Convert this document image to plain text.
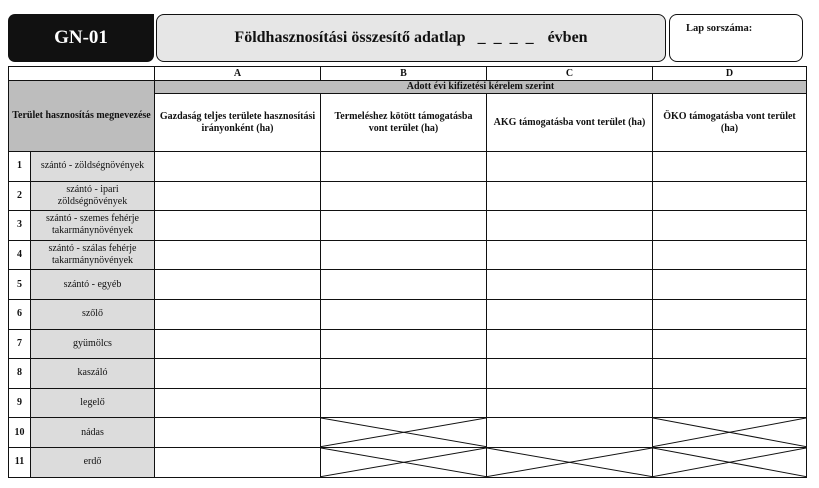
GN-01	Földhasznosítási összesítő adatlap _ _ _ _ évben
Lap sorszáma:
		A	B	C	D
Terület hasznosítás megnevezése		Adott évi kifizetési kérelem szerint			
		Gazdaság teljes területe hasznosítási irányonként (ha)	Termeléshez kötött támogatásba vont terület (ha)	AKG támogatásba vont terület (ha)	ÖKO támogatásba vont terület (ha)
1	szántó - zöldségnövények				
2	szántó - ipari zöldségnövények				
3	szántó - szemes fehérje takarmánynövények				
4	szántó - szálas fehérje takarmánynövények				
5	szántó - egyéb				
6	szőlő				
7	gyümölcs				
8	kaszáló				
9	legelő				
10	nádas		

11	erdő		
